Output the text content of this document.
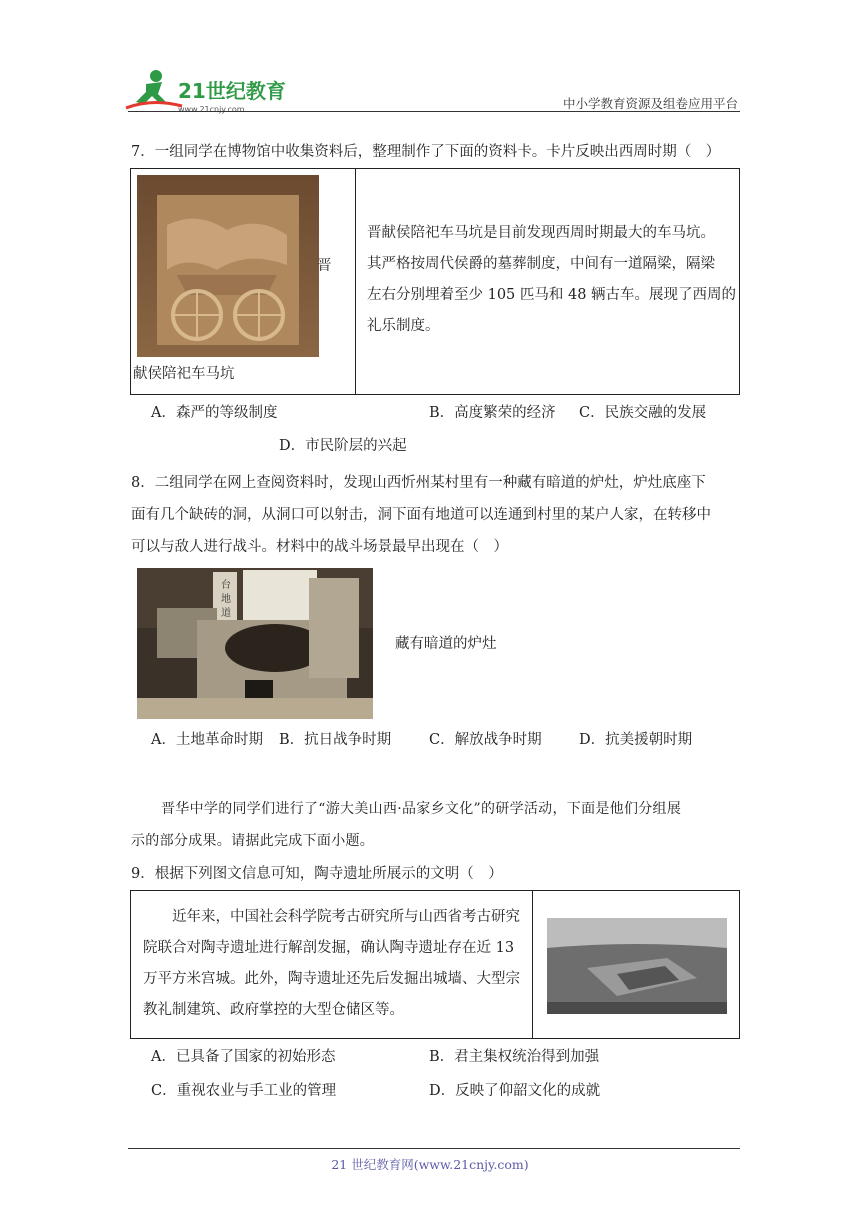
21世纪教育
www.21cnjy.com	中小学教育资源及组卷应用平台
7．一组同学在博物馆中收集资料后，整理制作了下面的资料卡。卡片反映出西周时期（　）
晋
献侯陪祀车马坑
晋献侯陪祀车马坑是目前发现西周时期最大的车马坑。
其严格按周代侯爵的墓葬制度，中间有一道隔梁，隔梁
左右分别埋着至少 105 匹马和 48 辆古车。展现了西周的
礼乐制度。
A．森严的等级制度	B．高度繁荣的经济 C．民族交融的发展
D．市民阶层的兴起
8．二组同学在网上查阅资料时，发现山西忻州某村里有一种藏有暗道的炉灶，炉灶底座下
面有几个缺砖的洞，从洞口可以射击，洞下面有地道可以连通到村里的某户人家，在转移中
可以与敌人进行战斗。材料中的战斗场景最早出现在（　）
台
地
道
藏有暗道的炉灶
A．土地革命时期 B．抗日战争时期	C．解放战争时期	D．抗美援朝时期
晋华中学的同学们进行了“游大美山西·品家乡文化”的研学活动，下面是他们分组展
示的部分成果。请据此完成下面小题。
9．根据下列图文信息可知，陶寺遗址所展示的文明（　）
近年来，中国社会科学院考古研究所与山西省考古研究
院联合对陶寺遗址进行解剖发掘，确认陶寺遗址存在近 13
万平方米宫城。此外，陶寺遗址还先后发掘出城墙、大型宗
教礼制建筑、政府掌控的大型仓储区等。
A．已具备了国家的初始形态	B．君主集权统治得到加强
C．重视农业与手工业的管理	D．反映了仰韶文化的成就
21 世纪教育网(www.21cnjy.com)
